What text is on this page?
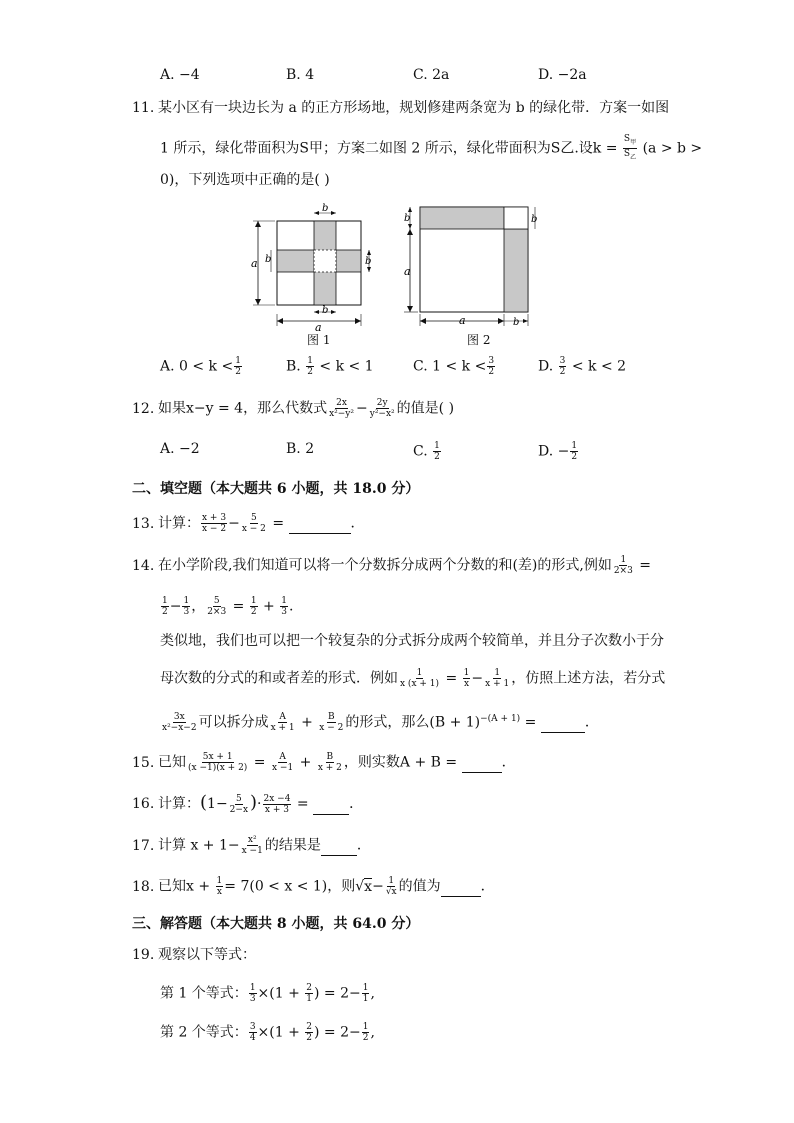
A. −4	B. 4	C. 2a	D. −2a
11. 某小区有一块边长为 a 的正方形场地，规划修建两条宽为 b 的绿化带．方案一如图
1 所示，绿化带面积为S甲；方案二如图 2 所示，绿化带面积为S乙.设$k = \frac{S_甲}{S_乙} (a > b$ >
0)，下列选项中正确的是( )
a b	b
b
b
a
图 1
b
a
b
a	b
图 2
A. $0 < k < \frac{1}{2}$	B. $\frac{1}{2} < k < 1$	C. $1 < k < \frac{3}{2}$	D. $\frac{3}{2} < k < 2$
12. 如果x−y = 4，那么代数式 $\frac{2x}{\text{x²−y²}} - \frac{2y}{\text{y²−x²}}$ 的值是( )
A. −2	B. 2	C. $\frac{1}{2}$	D. − $\frac{1}{2}$
二、填空题（本大题共 6 小题，共 18.0 分）
13. 计算： $\frac{x + 3}{x - 2} - \frac{5}{x - 2}$ =	．
14. 在小学阶段,我们知道可以将一个分数拆分成两个分数的和(差)的形式,例如 $\frac{1}{2\times 3}$ =
$\frac{1}{2} - \frac{1}{3}$ ， $\frac{5}{2\times 3} = \frac{1}{2} + \frac{1}{3}$ .
类似地，我们也可以把一个较复杂的分式拆分成两个较简单，并且分子次数小于分
母次数的分式的和或者差的形式．例如 $\frac{1}{x (x + 1)} = \frac{1}{x} - \frac{1}{x + 1}$ ，仿照上述方法，若分式
$\frac{3x}{\text{x²−x−2}}$ 可以拆分成 $\frac{A}{x + 1} + \frac{B}{x - 2}$ 的形式，那么$(B + 1)^{-(A + 1)}$ =	．
15. 已知 $\frac{5x + 1}{(x -1)(x + 2)} = \frac{A}{x -1} + \frac{B}{x + 2}$ ，则实数A + B =	．
16. 计算：($1- \frac{5}{2-x}$ )· $\frac{2x -4}{x + 3}$ =	．
17. 计算 $x + 1- \frac{\text{x²}}{x -1}$ 的结果是	．
18. 已知$x + \frac{1}{x} = 7(0 < x < 1)$，则$√x- \frac{1}{√x}$ 的值为	．
三、解答题（本大题共 8 小题，共 64.0 分）
19. 观察以下等式：
第 1 个等式： $\frac{1}{3} \times(1 + \frac{2}{1}$ ) = $2- \frac{1}{1}$ ,
第 2 个等式： $\frac{3}{4} \times(1 + \frac{2}{2}$ ) = $2- \frac{1}{2}$ ,
